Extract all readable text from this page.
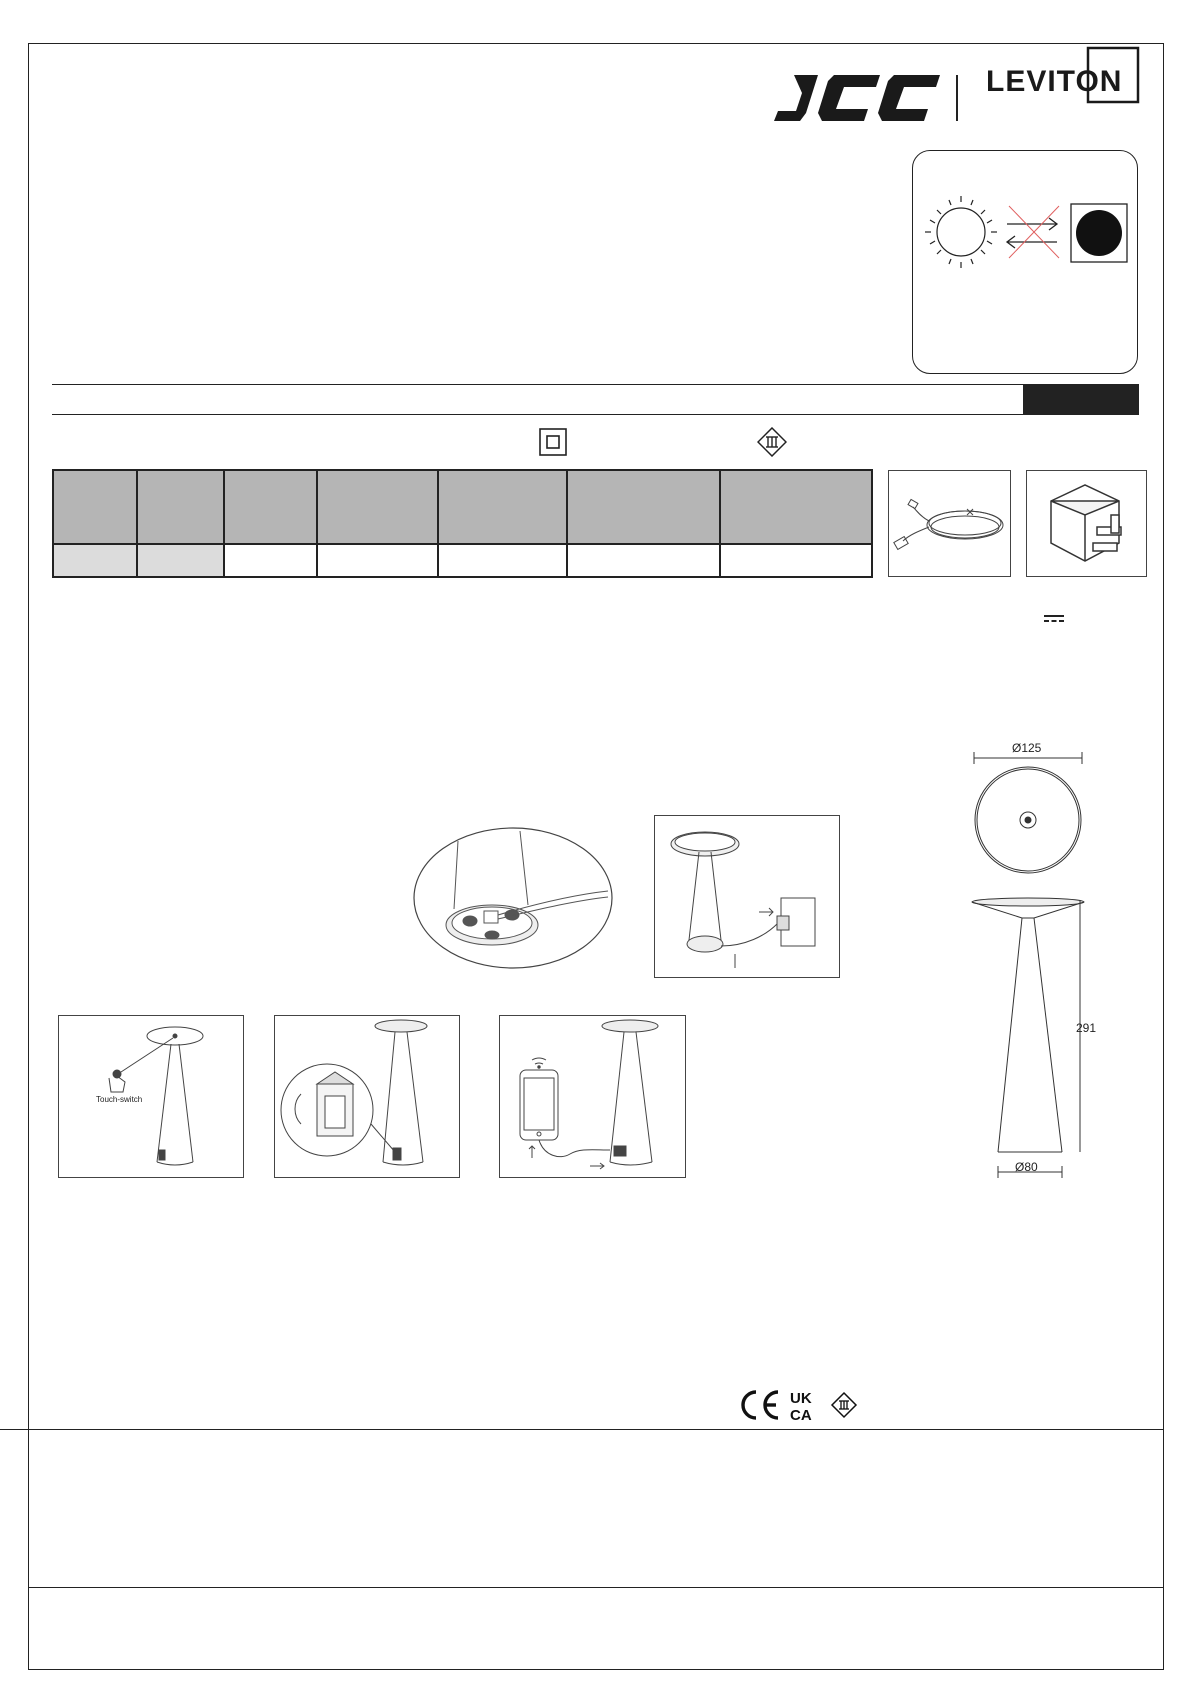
LEVITON

Touch-switch
Ø125
Ø80
291
UK
CA
